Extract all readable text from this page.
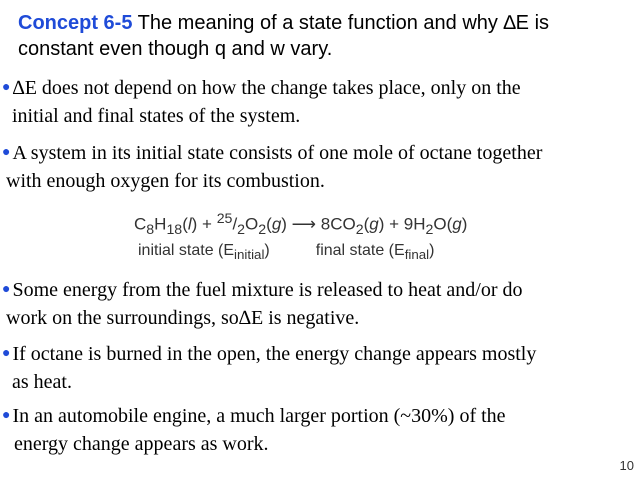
Concept 6-5 The meaning of a state function and why ∆E is constant even though q and w vary.
● ∆E does not depend on how the change takes place, only on the
initial and final states of the system.
● A system in its initial state consists of one mole of octane together
with enough oxygen for its combustion.
$C_8H_{18}(l) + ^{25}/_2O_2(g)$ ⟶ $8CO_2(g) + 9H_2O(g)$
initial state $(E_{initial})$	final state $(E_{final})$
● Some energy from the fuel mixture is released to heat and/or do
work on the surroundings, so∆E is negative.
● If octane is burned in the open, the energy change appears mostly
as heat.
● In an automobile engine, a much larger portion (~30%) of the
energy change appears as work.
10
